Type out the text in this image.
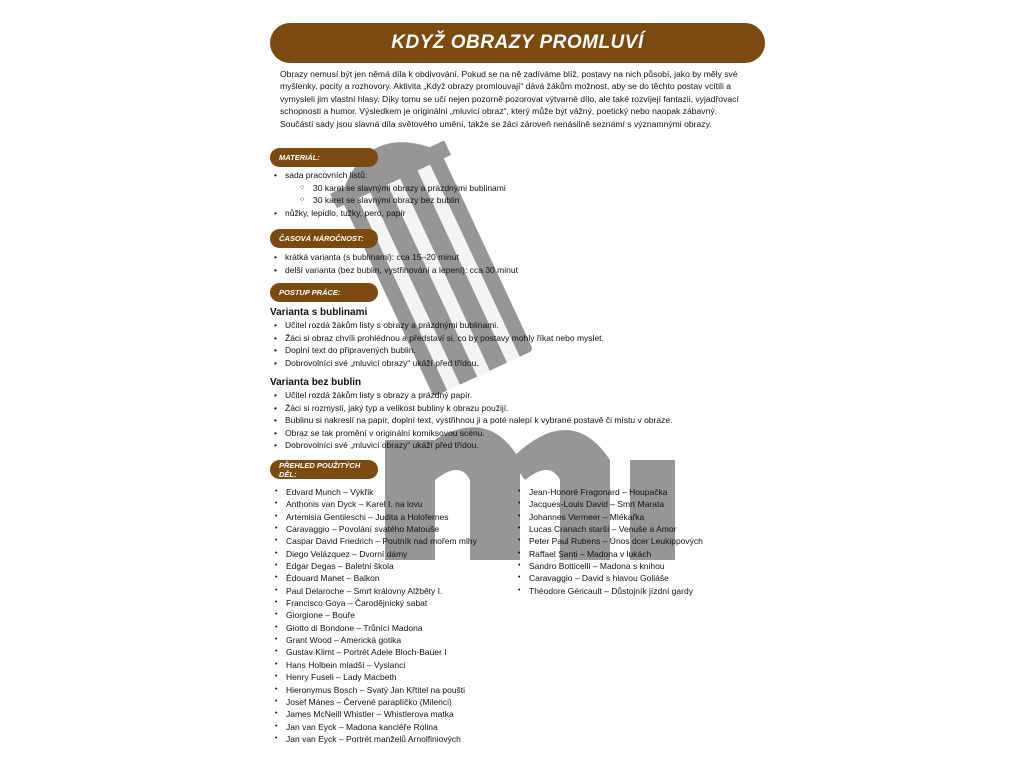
KDYŽ OBRAZY PROMLUVÍ

Obrazy nemusí být jen němá díla k obdivování. Pokud se na ně zadíváme blíž, postavy na nich působí, jako by měly své myšlenky, pocity a rozhovory. Aktivita „Když obrazy promlouvají“ dává žákům možnost, aby se do těchto postav vcítili a vymysleli jim vlastní hlasy. Díky tomu se učí nejen pozorně pozorovat výtvarné dílo, ale také rozvíjejí fantazii, vyjadřovací schopnosti a humor. Výsledkem je originální „mluvicí obraz“, který může být vážný, poetický nebo naopak zábavný.

Součástí sady jsou slavná díla světového umění, takže se žáci zároveň nenásilně seznámí s významnými obrazy.

MATERIÁL:
• sada pracovních listů:
○ 30 karet se slavnými obrazy a prázdnými bublinami
○ 30 karet se slavnými obrazy bez bublin
• nůžky, lepidlo, tužky, pero, papír
ČASOVÁ NÁROČNOST:
• krátká varianta (s bublinami): cca 15–20 minut
• delší varianta (bez bublin, vystřihování a lepení): cca 30 minut
POSTUP PRÁCE:
Varianta s bublinami
• Učitel rozdá žákům listy s obrazy a prázdnými bublinami.
• Žáci si obraz chvíli prohlédnou a představí si, co by postavy mohly říkat nebo myslet.
• Doplní text do připravených bublin.
• Dobrovolníci své „mluvicí obrazy“ ukáží před třídou.
Varianta bez bublin
• Učitel rozdá žákům listy s obrazy a prázdný papír.
• Žáci si rozmyslí, jaký typ a velikost bubliny k obrazu použijí.
• Bublinu si nakreslí na papír, doplní text, vystřihnou ji a poté nalepí k vybrané postavě či místu v obraze.
• Obraz se tak promění v originální komiksovou scénu.
• Dobrovolníci své „mluvicí obrazy“ ukáží před třídou.
PŘEHLED POUŽITÝCH DĚL:
• Edvard Munch – Výkřik
• Anthonis van Dyck – Karel I. na lovu
• Artemisia Gentileschi – Judita a Holofernes
• Caravaggio – Povolání svatého Matouše
• Caspar David Friedrich – Poutník nad mořem mlhy
• Diego Velázquez – Dvorní dámy
• Edgar Degas – Baletní škola
• Édouard Manet – Balkon
• Paul Delaroche – Smrt královny Alžběty I.
• Francisco Goya – Čarodějnický sabat
• Giorgione – Bouře
• Giotto di Bondone – Trůnící Madona
• Grant Wood – Americká gotika
• Gustav Klimt – Portrét Adele Bloch-Bauer I
• Hans Holbein mladší – Vyslanci
• Henry Fuseli – Lady Macbeth
• Hieronymus Bosch – Svatý Jan Křtitel na poušti
• Josef Mánes – Červené paraplíčko (Milenci)
• James McNeill Whistler – Whistlerova matka
• Jan van Eyck – Madona kancléře Rolina
• Jan van Eyck – Portrét manželů Arnolfiniových
• Jean-Honoré Fragonard – Houpačka
• Jacques-Louis David – Smrt Marata
• Johannes Vermeer – Mlékařka
• Lucas Cranach starší – Venuše a Amor
• Peter Paul Rubens – Únos dcer Leukippových
• Raffael Santi – Madona v lukách
• Sandro Botticelli – Madona s knihou
• Caravaggio – David s hlavou Goliáše
• Théodore Géricault – Důstojník jízdní gardy
